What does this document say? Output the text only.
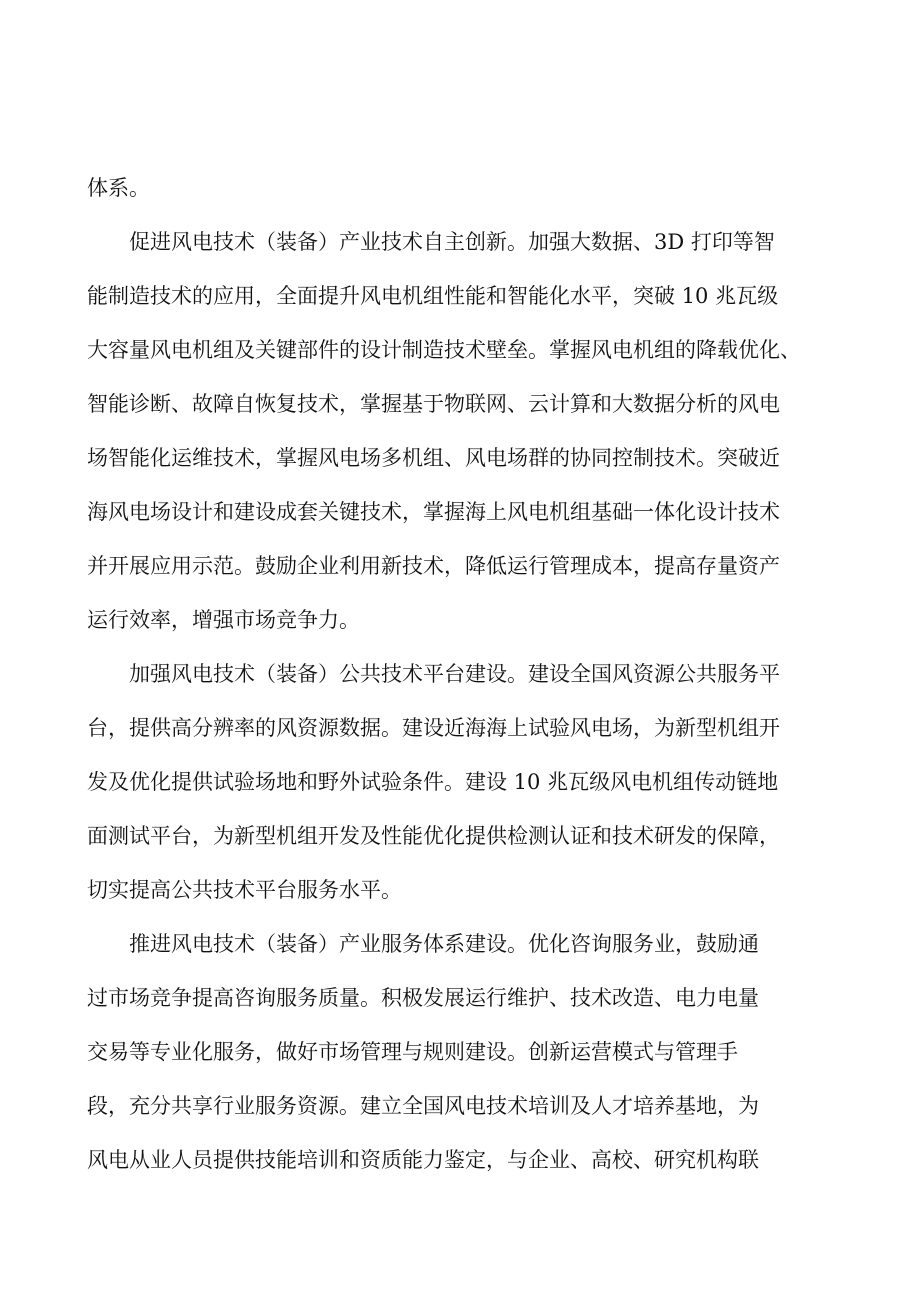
体系。

促进风电技术（装备）产业技术自主创新。加强大数据、3D 打印等智

能制造技术的应用，全面提升风电机组性能和智能化水平，突破 10 兆瓦级

大容量风电机组及关键部件的设计制造技术壁垒。掌握风电机组的降载优化、

智能诊断、故障自恢复技术，掌握基于物联网、云计算和大数据分析的风电

场智能化运维技术，掌握风电场多机组、风电场群的协同控制技术。突破近

海风电场设计和建设成套关键技术，掌握海上风电机组基础一体化设计技术

并开展应用示范。鼓励企业利用新技术，降低运行管理成本，提高存量资产

运行效率，增强市场竞争力。

加强风电技术（装备）公共技术平台建设。建设全国风资源公共服务平

台，提供高分辨率的风资源数据。建设近海海上试验风电场，为新型机组开

发及优化提供试验场地和野外试验条件。建设 10 兆瓦级风电机组传动链地

面测试平台，为新型机组开发及性能优化提供检测认证和技术研发的保障，

切实提高公共技术平台服务水平。

推进风电技术（装备）产业服务体系建设。优化咨询服务业，鼓励通

过市场竞争提高咨询服务质量。积极发展运行维护、技术改造、电力电量

交易等专业化服务，做好市场管理与规则建设。创新运营模式与管理手

段，充分共享行业服务资源。建立全国风电技术培训及人才培养基地，为

风电从业人员提供技能培训和资质能力鉴定，与企业、高校、研究机构联
